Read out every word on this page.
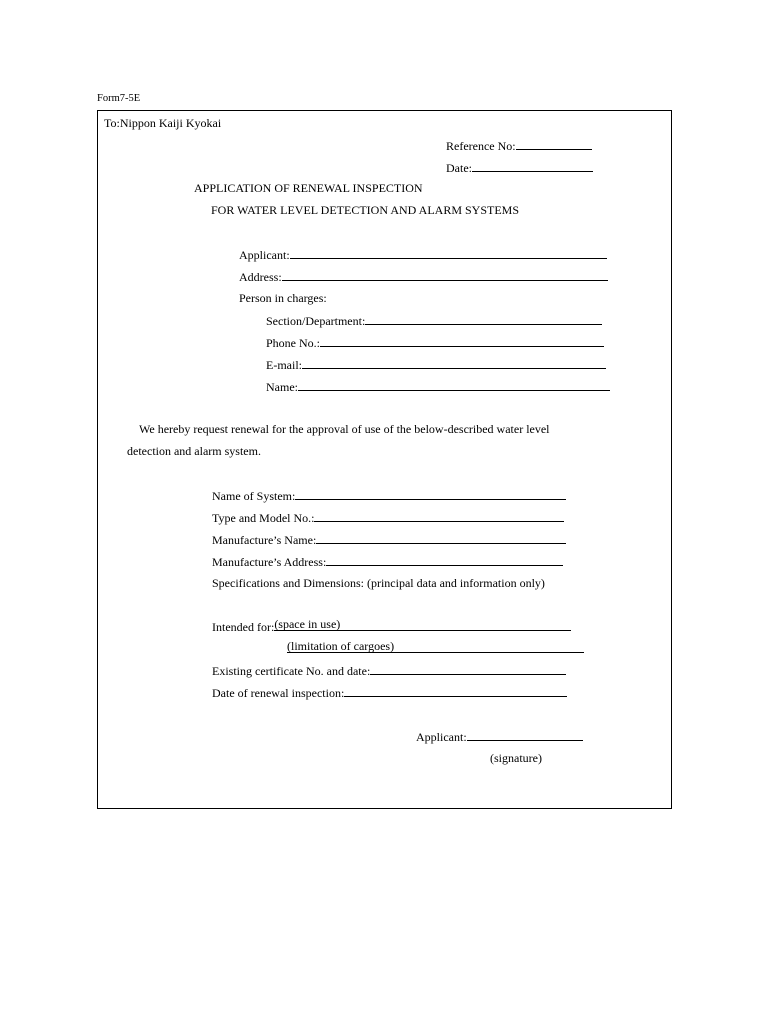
Form7-5E
To:Nippon Kaiji Kyokai
Reference No:
Date:
APPLICATION OF RENEWAL INSPECTION
FOR WATER LEVEL DETECTION AND ALARM SYSTEMS
Applicant:
Address:
Person in charges:
Section/Department:
Phone No.:
E-mail:
Name:
We hereby request renewal for the approval of use of the below-described water level
detection and alarm system.
Name of System:
Type and Model No.:
Manufacture’s Name:
Manufacture’s Address:
Specifications and Dimensions: (principal data and information only)
Intended for: (space in use)
(limitation of cargoes)
Existing certificate No. and date:
Date of renewal inspection:
Applicant:
(signature)
